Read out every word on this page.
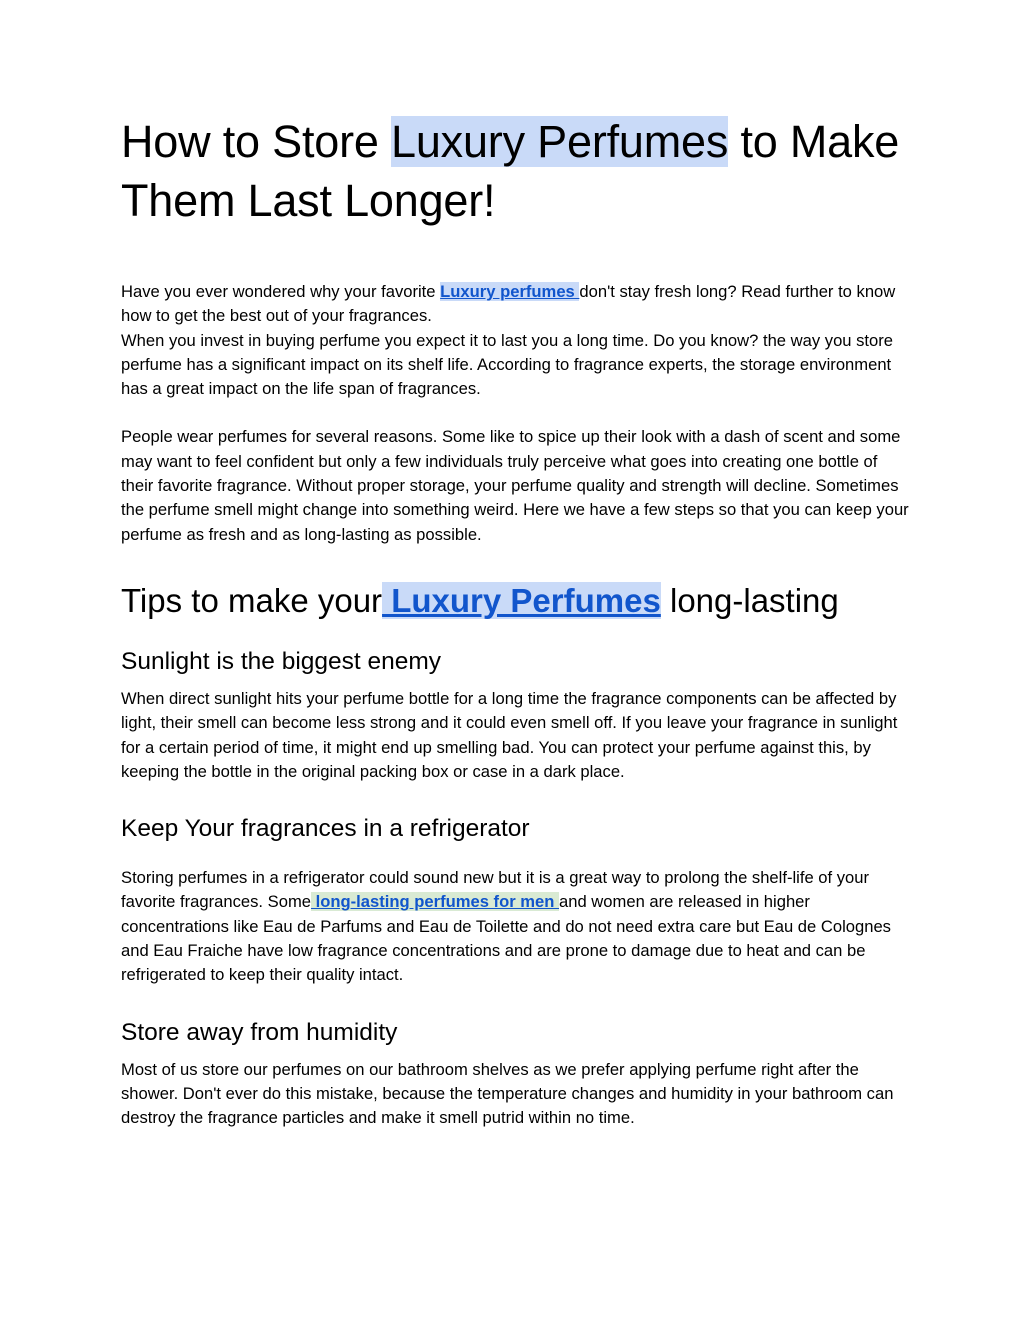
How to Store Luxury Perfumes to Make Them Last Longer!

Have you ever wondered why your favorite Luxury perfumes don't stay fresh long? Read further to know how to get the best out of your fragrances.

When you invest in buying perfume you expect it to last you a long time. Do you know? the way you store perfume has a significant impact on its shelf life. According to fragrance experts, the storage environment has a great impact on the life span of fragrances.

People wear perfumes for several reasons. Some like to spice up their look with a dash of scent and some may want to feel confident but only a few individuals truly perceive what goes into creating one bottle of their favorite fragrance. Without proper storage, your perfume quality and strength will decline. Sometimes the perfume smell might change into something weird. Here we have a few steps so that you can keep your perfume as fresh and as long-lasting as possible.

Tips to make your Luxury Perfumes long-lasting
Sunlight is the biggest enemy

When direct sunlight hits your perfume bottle for a long time the fragrance components can be affected by light, their smell can become less strong and it could even smell off. If you leave your fragrance in sunlight for a certain period of time, it might end up smelling bad. You can protect your perfume against this, by keeping the bottle in the original packing box or case in a dark place.

Keep Your fragrances in a refrigerator

Storing perfumes in a refrigerator could sound new but it is a great way to prolong the shelf-life of your favorite fragrances. Some long-lasting perfumes for men and women are released in higher concentrations like Eau de Parfums and Eau de Toilette and do not need extra care but Eau de Colognes and Eau Fraiche have low fragrance concentrations and are prone to damage due to heat and can be refrigerated to keep their quality intact.

Store away from humidity

Most of us store our perfumes on our bathroom shelves as we prefer applying perfume right after the shower. Don't ever do this mistake, because the temperature changes and humidity in your bathroom can destroy the fragrance particles and make it smell putrid within no time.
